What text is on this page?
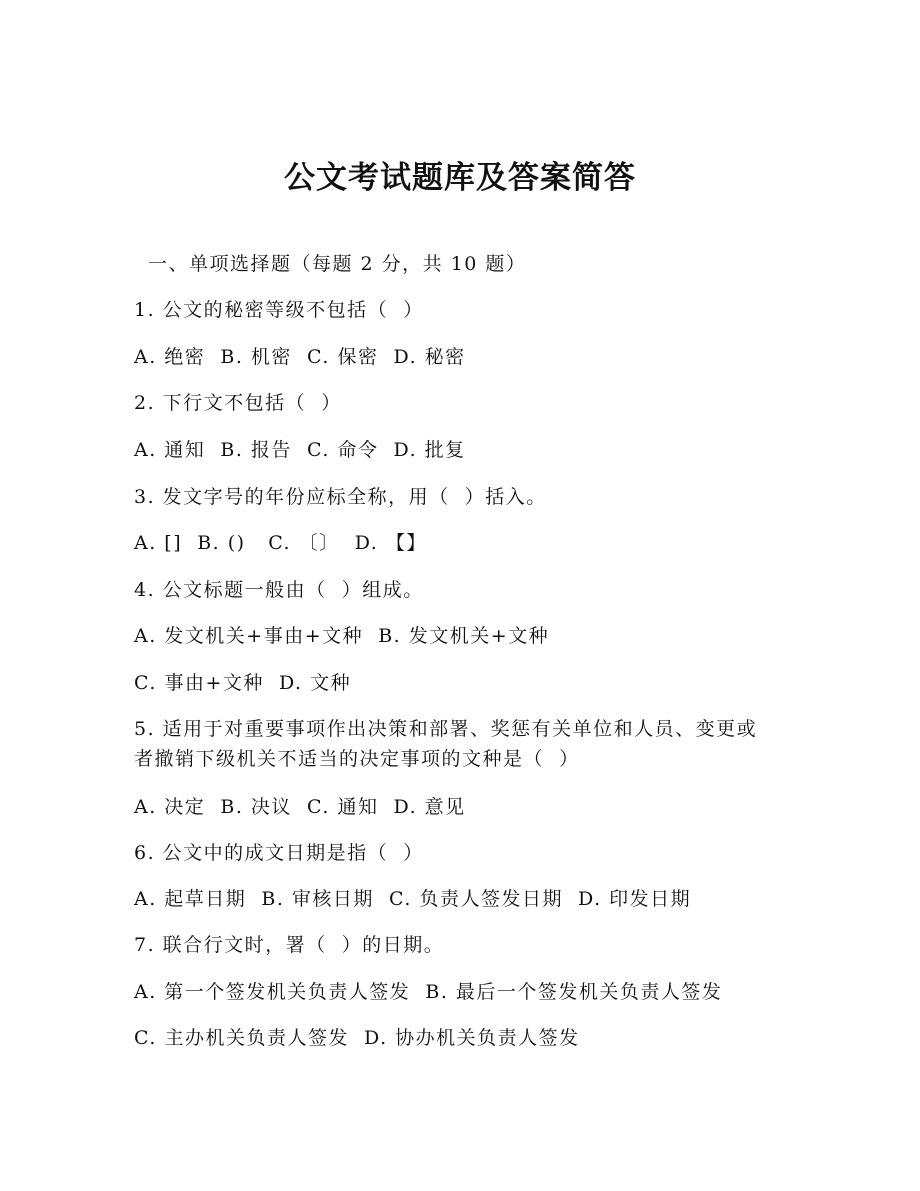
公文考试题库及答案简答
一、单项选择题（每题 2 分，共 10 题）
1. 公文的秘密等级不包括（  ）
A. 绝密  B. 机密  C. 保密  D. 秘密
2. 下行文不包括（  ）
A. 通知  B. 报告  C. 命令  D. 批复
3. 发文字号的年份应标全称，用（  ）括入。
A. []  B. ()   C. 〔〕  D. 【】
4. 公文标题一般由（  ）组成。
A. 发文机关+事由+文种  B. 发文机关+文种
C. 事由+文种  D. 文种
5. 适用于对重要事项作出决策和部署、奖惩有关单位和人员、变更或
者撤销下级机关不适当的决定事项的文种是（  ）
A. 决定  B. 决议  C. 通知  D. 意见
6. 公文中的成文日期是指（  ）
A. 起草日期  B. 审核日期  C. 负责人签发日期  D. 印发日期
7. 联合行文时，署（  ）的日期。
A. 第一个签发机关负责人签发  B. 最后一个签发机关负责人签发
C. 主办机关负责人签发  D. 协办机关负责人签发
